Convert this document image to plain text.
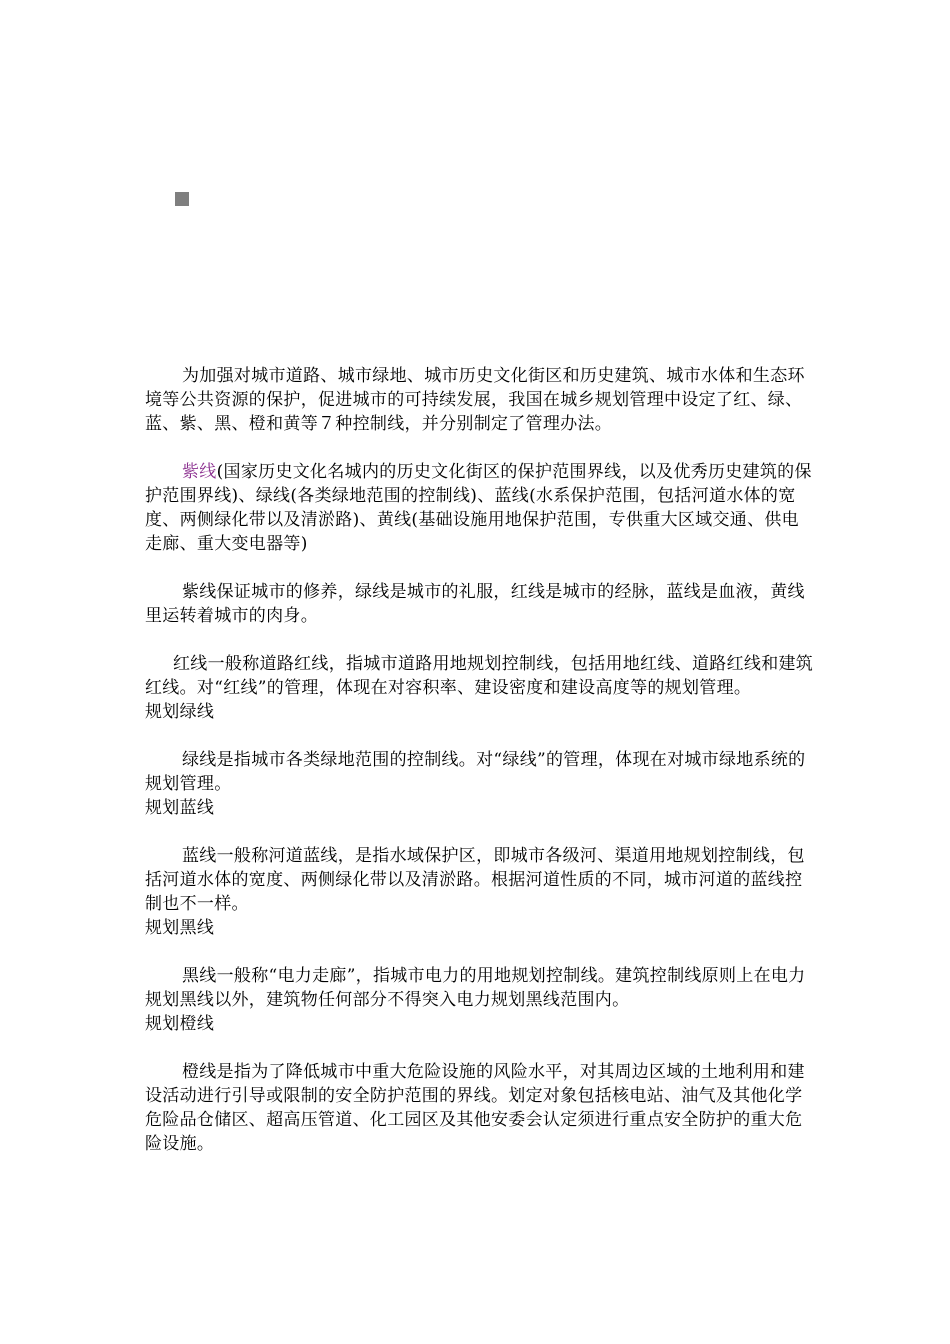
为加强对城市道路、城市绿地、城市历史文化街区和历史建筑、城市水体和生态环境等公共资源的保护，促进城市的可持续发展，我国在城乡规划管理中设定了红、绿、蓝、紫、黑、橙和黄等７种控制线，并分别制定了管理办法。

紫线(国家历史文化名城内的历史文化街区的保护范围界线，以及优秀历史建筑的保护范围界线)、绿线(各类绿地范围的控制线)、蓝线(水系保护范围，包括河道水体的宽度、两侧绿化带以及清淤路)、黄线(基础设施用地保护范围，专供重大区域交通、供电走廊、重大变电器等)

紫线保证城市的修养，绿线是城市的礼服，红线是城市的经脉，蓝线是血液，黄线里运转着城市的肉身。

红线一般称道路红线，指城市道路用地规划控制线，包括用地红线、道路红线和建筑红线。对“红线”的管理，体现在对容积率、建设密度和建设高度等的规划管理。

规划绿线

绿线是指城市各类绿地范围的控制线。对“绿线”的管理，体现在对城市绿地系统的规划管理。

规划蓝线

蓝线一般称河道蓝线，是指水域保护区，即城市各级河、渠道用地规划控制线，包括河道水体的宽度、两侧绿化带以及清淤路。根据河道性质的不同，城市河道的蓝线控制也不一样。

规划黑线

黑线一般称“电力走廊”，指城市电力的用地规划控制线。建筑控制线原则上在电力规划黑线以外，建筑物任何部分不得突入电力规划黑线范围内。

规划橙线

橙线是指为了降低城市中重大危险设施的风险水平，对其周边区域的土地利用和建设活动进行引导或限制的安全防护范围的界线。划定对象包括核电站、油气及其他化学危险品仓储区、超高压管道、化工园区及其他安委会认定须进行重点安全防护的重大危险设施。
